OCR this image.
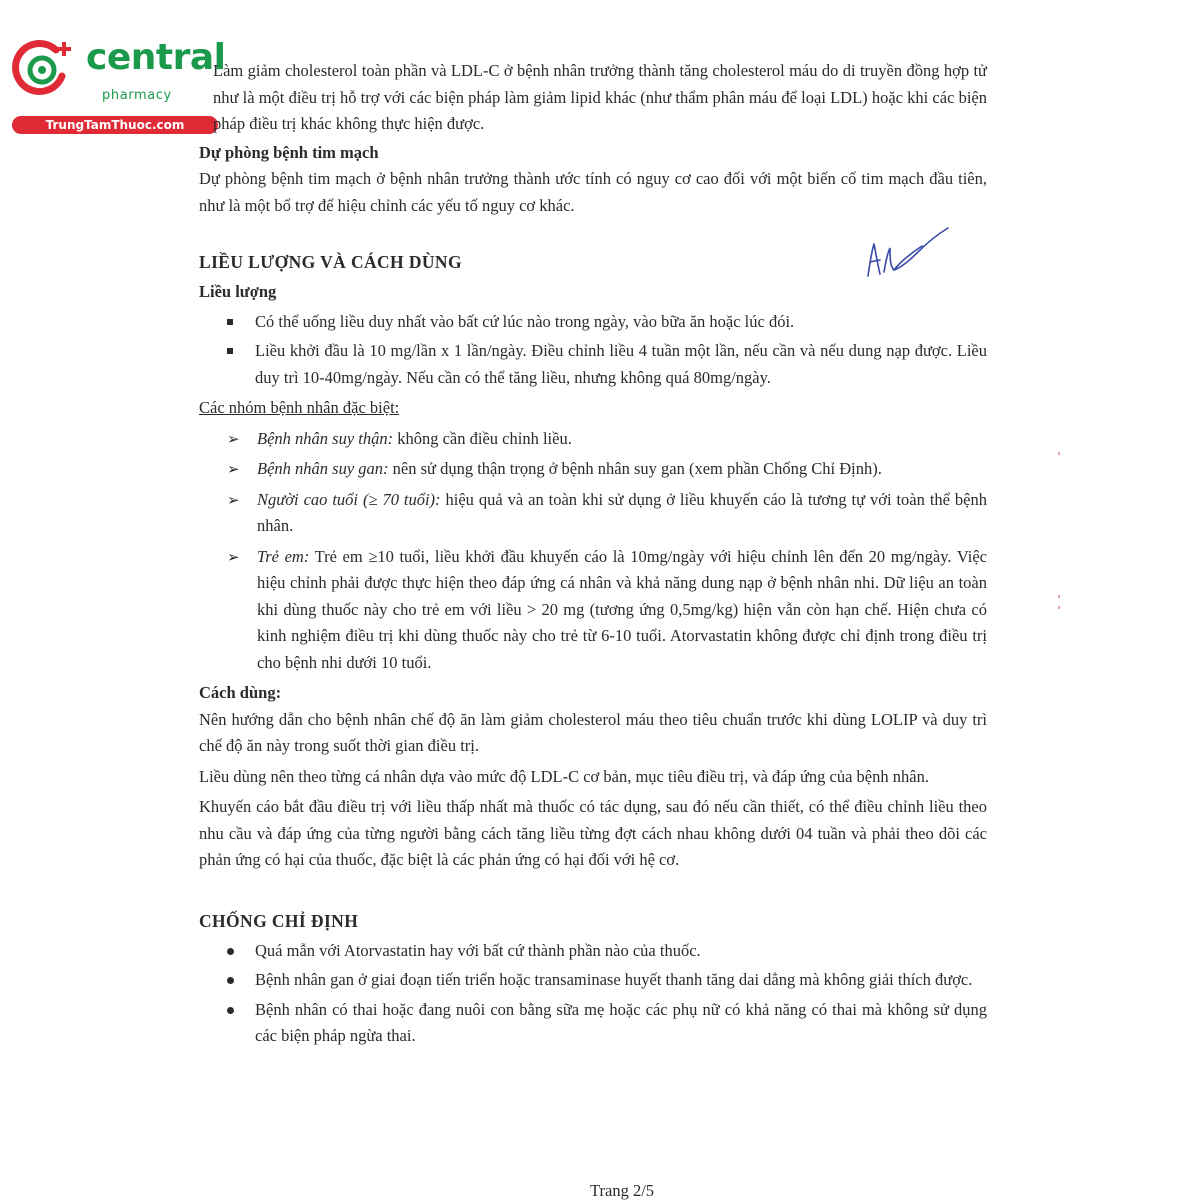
central
pharmacy
TrungTamThuoc.com

Làm giảm cholesterol toàn phần và LDL-C ở bệnh nhân trưởng thành tăng cholesterol máu do di truyền đồng hợp tử như là một điều trị hỗ trợ với các biện pháp làm giảm lipid khác (như thẩm phân máu để loại LDL) hoặc khi các biện pháp điều trị khác không thực hiện được.

Dự phòng bệnh tim mạch

Dự phòng bệnh tim mạch ở bệnh nhân trưởng thành ước tính có nguy cơ cao đối với một biến cố tim mạch đầu tiên, như là một bổ trợ để hiệu chỉnh các yếu tố nguy cơ khác.

LIỀU LƯỢNG VÀ CÁCH DÙNG

Liều lượng

Có thể uống liều duy nhất vào bất cứ lúc nào trong ngày, vào bữa ăn hoặc lúc đói.
Liều khởi đầu là 10 mg/lần x 1 lần/ngày. Điều chỉnh liều 4 tuần một lần, nếu cần và nếu dung nạp được. Liều duy trì 10-40mg/ngày. Nếu cần có thể tăng liều, nhưng không quá 80mg/ngày.

Các nhóm bệnh nhân đặc biệt:

➢ Bệnh nhân suy thận: không cần điều chỉnh liều.
➢ Bệnh nhân suy gan: nên sử dụng thận trọng ở bệnh nhân suy gan (xem phần Chống Chỉ Định).
➢ Người cao tuổi (≥ 70 tuổi): hiệu quả và an toàn khi sử dụng ở liều khuyến cáo là tương tự với toàn thể bệnh nhân.
➢ Trẻ em: Trẻ em ≥10 tuổi, liều khởi đầu khuyến cáo là 10mg/ngày với hiệu chỉnh lên đến 20 mg/ngày. Việc hiệu chỉnh phải được thực hiện theo đáp ứng cá nhân và khả năng dung nạp ở bệnh nhân nhi. Dữ liệu an toàn khi dùng thuốc này cho trẻ em với liều > 20 mg (tương ứng 0,5mg/kg) hiện vẫn còn hạn chế. Hiện chưa có kinh nghiệm điều trị khi dùng thuốc này cho trẻ từ 6-10 tuổi. Atorvastatin không được chỉ định trong điều trị cho bệnh nhi dưới 10 tuổi.

Cách dùng:

Nên hướng dẫn cho bệnh nhân chế độ ăn làm giảm cholesterol máu theo tiêu chuẩn trước khi dùng LOLIP và duy trì chế độ ăn này trong suốt thời gian điều trị.

Liều dùng nên theo từng cá nhân dựa vào mức độ LDL-C cơ bản, mục tiêu điều trị, và đáp ứng của bệnh nhân.

Khuyến cáo bắt đầu điều trị với liều thấp nhất mà thuốc có tác dụng, sau đó nếu cần thiết, có thể điều chỉnh liều theo nhu cầu và đáp ứng của từng người bằng cách tăng liều từng đợt cách nhau không dưới 04 tuần và phải theo dõi các phản ứng có hại của thuốc, đặc biệt là các phản ứng có hại đối với hệ cơ.

CHỐNG CHỈ ĐỊNH
Quá mẫn với Atorvastatin hay với bất cứ thành phần nào của thuốc.
Bệnh nhân gan ở giai đoạn tiến triển hoặc transaminase huyết thanh tăng dai dẳng mà không giải thích được.
Bệnh nhân có thai hoặc đang nuôi con bằng sữa mẹ hoặc các phụ nữ có khả năng có thai mà không sử dụng các biện pháp ngừa thai.
Trang 2/5
